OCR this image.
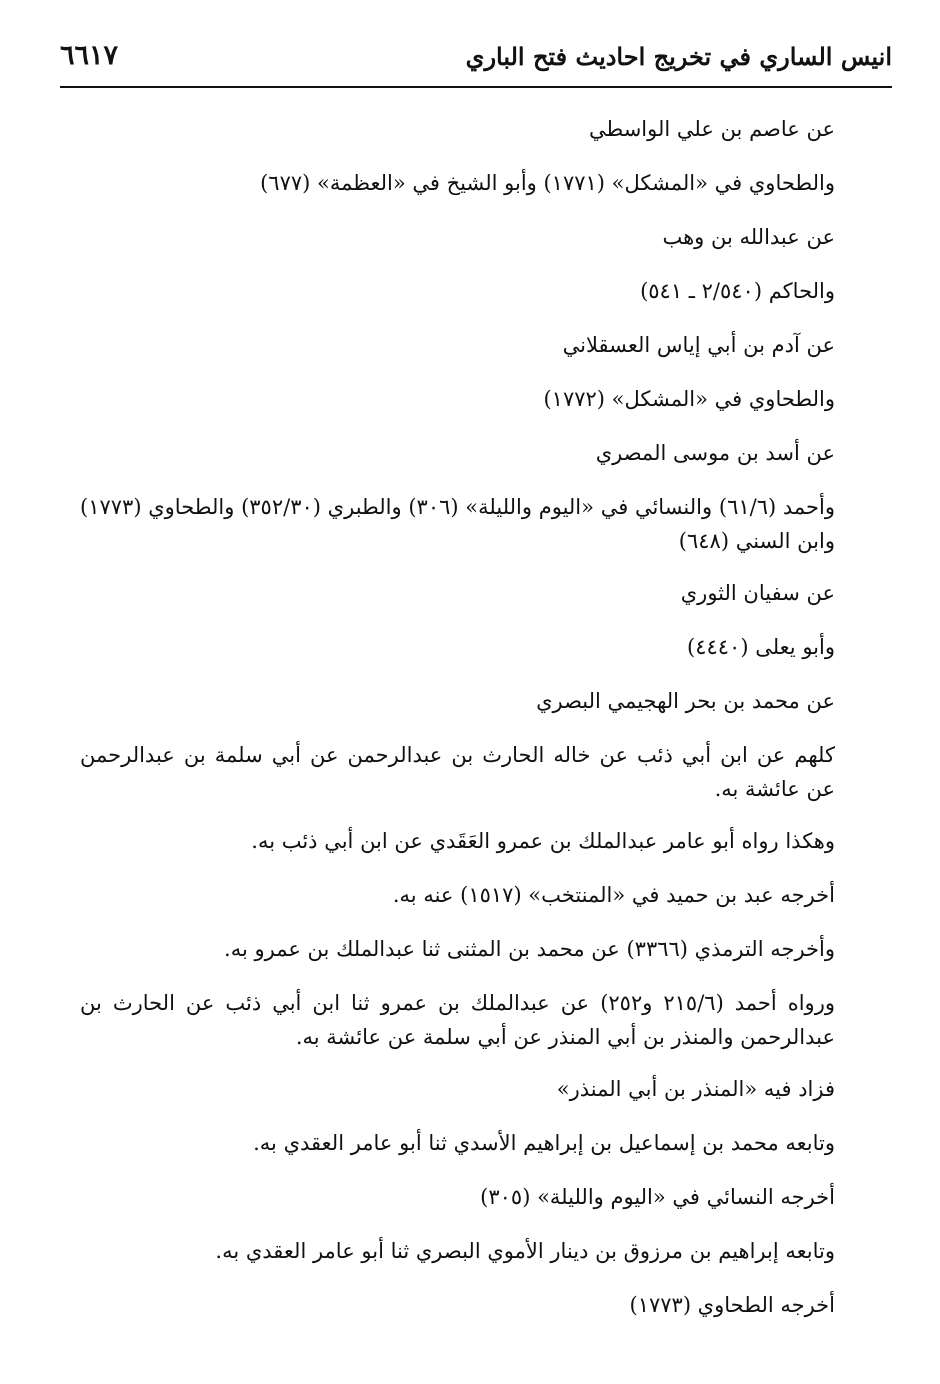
انيس الساري في تخريج احاديث فتح الباري
٦٦١٧
عن عاصم بن علي الواسطي
والطحاوي في «المشكل» (١٧٧١) وأبو الشيخ في «العظمة» (٦٧٧)
عن عبدالله بن وهب
والحاكم (٢/٥٤٠ ـ ٥٤١)
عن آدم بن أبي إياس العسقلاني
والطحاوي في «المشكل» (١٧٧٢)
عن أسد بن موسى المصري
وأحمد (٦١/٦) والنسائي في «اليوم والليلة» (٣٠٦) والطبري (٣٥٢/٣٠) والطحاوي (١٧٧٣) وابن السني (٦٤٨)
عن سفيان الثوري
وأبو يعلى (٤٤٤٠)
عن محمد بن بحر الهجيمي البصري
كلهم عن ابن أبي ذئب عن خاله الحارث بن عبدالرحمن عن أبي سلمة بن عبدالرحمن عن عائشة به.
وهكذا رواه أبو عامر عبدالملك بن عمرو العَقَدي عن ابن أبي ذئب به.
أخرجه عبد بن حميد في «المنتخب» (١٥١٧) عنه به.
وأخرجه الترمذي (٣٣٦٦) عن محمد بن المثنى ثنا عبدالملك بن عمرو به.
ورواه أحمد (٢١٥/٦ و٢٥٢) عن عبدالملك بن عمرو ثنا ابن أبي ذئب عن الحارث بن عبدالرحمن والمنذر بن أبي المنذر عن أبي سلمة عن عائشة به.
فزاد فيه «المنذر بن أبي المنذر»
وتابعه محمد بن إسماعيل بن إبراهيم الأسدي ثنا أبو عامر العقدي به.
أخرجه النسائي في «اليوم والليلة» (٣٠٥)
وتابعه إبراهيم بن مرزوق بن دينار الأموي البصري ثنا أبو عامر العقدي به.
أخرجه الطحاوي (١٧٧٣)
